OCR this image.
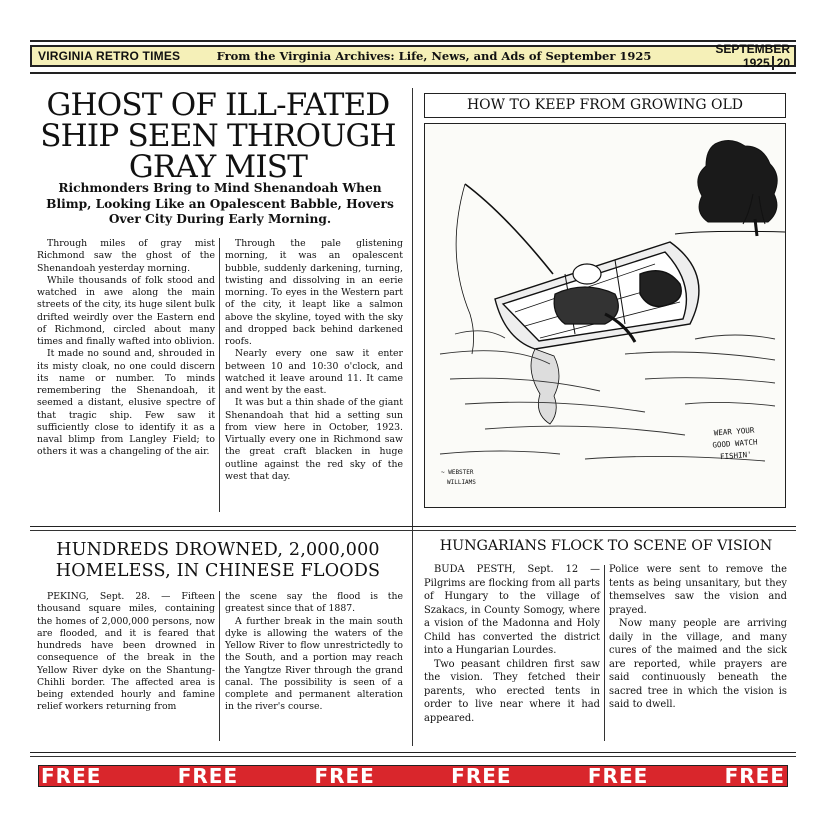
VIRGINIA RETRO TIMES	From the Virginia Archives: Life, News, and Ads of September 1925	SEPTEMBER 1925 20
GHOST OF ILL-FATED SHIP SEEN THROUGH GRAY MIST
Richmonders Bring to Mind Shenandoah When Blimp, Looking Like an Opalescent Babble, Hovers Over City During Early Morning.

Through miles of gray mist Richmond saw the ghost of the Shenandoah yesterday morning.

While thousands of folk stood and watched in awe along the main streets of the city, its huge silent bulk drifted weirdly over the Eastern end of Richmond, circled about many times and finally wafted into oblivion.

It made no sound and, shrouded in its misty cloak, no one could discern its name or number. To minds remembering the Shenandoah, it seemed a distant, elusive spectre of that tragic ship. Few saw it sufficiently close to identify it as a naval blimp from Langley Field; to others it was a changeling of the air.

Through the pale glistening morning, it was an opalescent bubble, suddenly darkening, turning, twisting and dissolving in an eerie morning. To eyes in the Western part of the city, it leapt like a salmon above the skyline, toyed with the sky and dropped back behind darkened roofs.

Nearly every one saw it enter between 10 and 10:30 o'clock, and watched it leave around 11. It came and went by the east.

It was but a thin shade of the giant Shenandoah that hid a setting sun from view here in October, 1923. Virtually every one in Richmond saw the great craft blacken in huge outline against the red sky of the west that day.

HOW TO KEEP FROM GROWING OLD
~ WEBSTER
WILLIAMS
WEAR YOUR
GOOD WATCH
FISHIN'
HUNDREDS DROWNED, 2,000,000 HOMELESS, IN CHINESE FLOODS

PEKING, Sept. 28. — Fifteen thousand square miles, containing the homes of 2,000,000 persons, now are flooded, and it is feared that hundreds have been drowned in consequence of the break in the Yellow River dyke on the Shantung-Chihli border. The affected area is being extended hourly and famine relief workers returning from

the scene say the flood is the greatest since that of 1887.

A further break in the main south dyke is allowing the waters of the Yellow River to flow unrestrictedly to the South, and a portion may reach the Yangtze River through the grand canal. The possibility is seen of a complete and permanent alteration in the river's course.

HUNGARIANS FLOCK TO SCENE OF VISION

BUDA PESTH, Sept. 12 — Pilgrims are flocking from all parts of Hungary to the village of Szakacs, in County Somogy, where a vision of the Madonna and Holy Child has converted the district into a Hungarian Lourdes.

Two peasant children first saw the vision. They fetched their parents, who erected tents in order to live near where it had appeared.

Police were sent to remove the tents as being unsanitary, but they themselves saw the vision and prayed.

Now many people are arriving daily in the village, and many cures of the maimed and the sick are reported, while prayers are said continuously beneath the sacred tree in which the vision is said to dwell.

FREE	FREE	FREE	FREE	FREE	FREE
